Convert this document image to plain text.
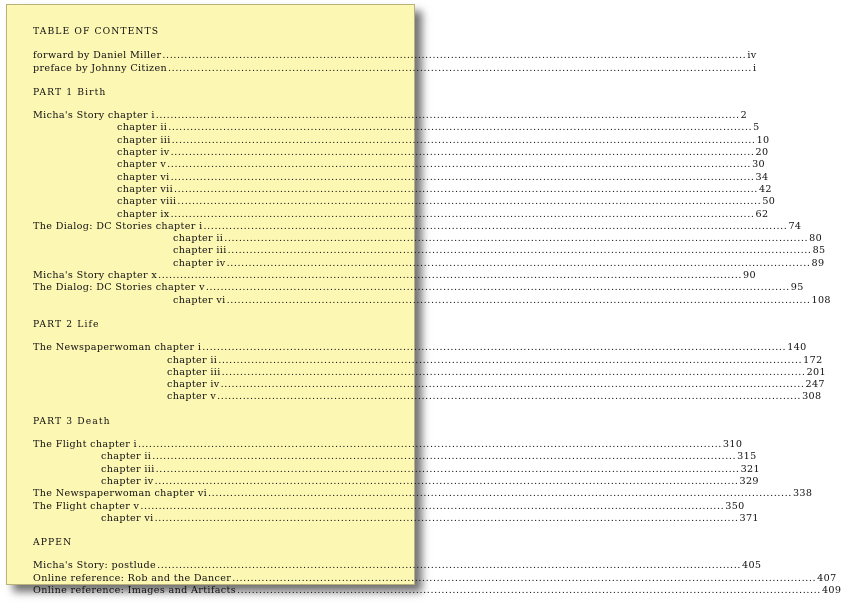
TABLE OF CONTENTS
forward by Daniel Miller ................................................................................................................................................................ iv
preface by Johnny Citizen ................................................................................................................................................................ i
PART 1 Birth
Micha's Story chapter i ................................................................................................................................................................ 2
chapter ii ................................................................................................................................................................ 5
chapter iii ................................................................................................................................................................ 10
chapter iv ................................................................................................................................................................ 20
chapter v ................................................................................................................................................................ 30
chapter vi ................................................................................................................................................................ 34
chapter vii ................................................................................................................................................................ 42
chapter viii ................................................................................................................................................................ 50
chapter ix ................................................................................................................................................................ 62
The Dialog: DC Stories chapter i ................................................................................................................................................................ 74
chapter ii ................................................................................................................................................................ 80
chapter iii ................................................................................................................................................................ 85
chapter iv ................................................................................................................................................................ 89
Micha's Story chapter x ................................................................................................................................................................ 90
The Dialog: DC Stories chapter v ................................................................................................................................................................ 95
chapter vi ................................................................................................................................................................ 108
PART 2 Life
The Newspaperwoman chapter i ................................................................................................................................................................ 140
chapter ii ................................................................................................................................................................ 172
chapter iii ................................................................................................................................................................ 201
chapter iv ................................................................................................................................................................ 247
chapter v ................................................................................................................................................................ 308
PART 3 Death
The Flight chapter i ................................................................................................................................................................ 310
chapter ii ................................................................................................................................................................ 315
chapter iii ................................................................................................................................................................ 321
chapter iv ................................................................................................................................................................ 329
The Newspaperwoman chapter vi ................................................................................................................................................................ 338
The Flight chapter v ................................................................................................................................................................ 350
chapter vi ................................................................................................................................................................ 371
APPEN
Micha's Story: postlude ................................................................................................................................................................ 405
Online reference: Rob and the Dancer ................................................................................................................................................................ 407
Online reference: Images and Artifacts ................................................................................................................................................................ 409
